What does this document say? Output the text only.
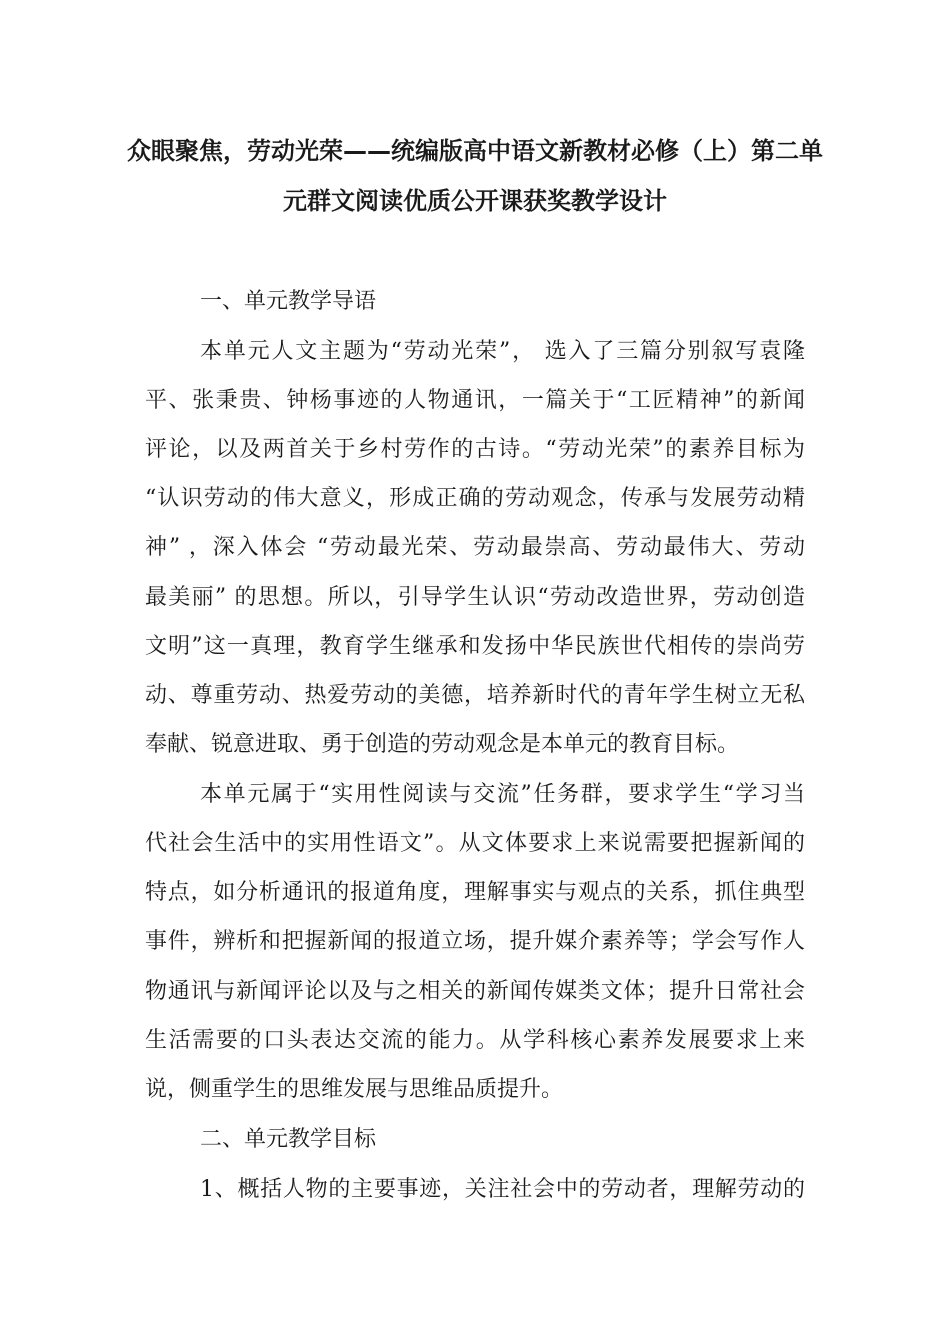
众眼聚焦，劳动光荣——统编版高中语文新教材必修（上）第二单
元群文阅读优质公开课获奖教学设计
一、单元教学导语
本单元人文主题为“劳动光荣”， 选入了三篇分别叙写袁隆
平、张秉贵、钟杨事迹的人物通讯，一篇关于“工匠精神”的新闻
评论，以及两首关于乡村劳作的古诗。“劳动光荣”的素养目标为
“认识劳动的伟大意义，形成正确的劳动观念，传承与发展劳动精
神” ，深入体会 “劳动最光荣、劳动最崇高、劳动最伟大、劳动
最美丽” 的思想。所以，引导学生认识“劳动改造世界，劳动创造
文明”这一真理，教育学生继承和发扬中华民族世代相传的崇尚劳
动、尊重劳动、热爱劳动的美德，培养新时代的青年学生树立无私
奉献、锐意进取、勇于创造的劳动观念是本单元的教育目标。
本单元属于“实用性阅读与交流”任务群，要求学生“学习当
代社会生活中的实用性语文”。从文体要求上来说需要把握新闻的
特点，如分析通讯的报道角度，理解事实与观点的关系，抓住典型
事件，辨析和把握新闻的报道立场，提升媒介素养等；学会写作人
物通讯与新闻评论以及与之相关的新闻传媒类文体；提升日常社会
生活需要的口头表达交流的能力。从学科核心素养发展要求上来
说，侧重学生的思维发展与思维品质提升。
二、单元教学目标
1、概括人物的主要事迹，关注社会中的劳动者，理解劳动的
